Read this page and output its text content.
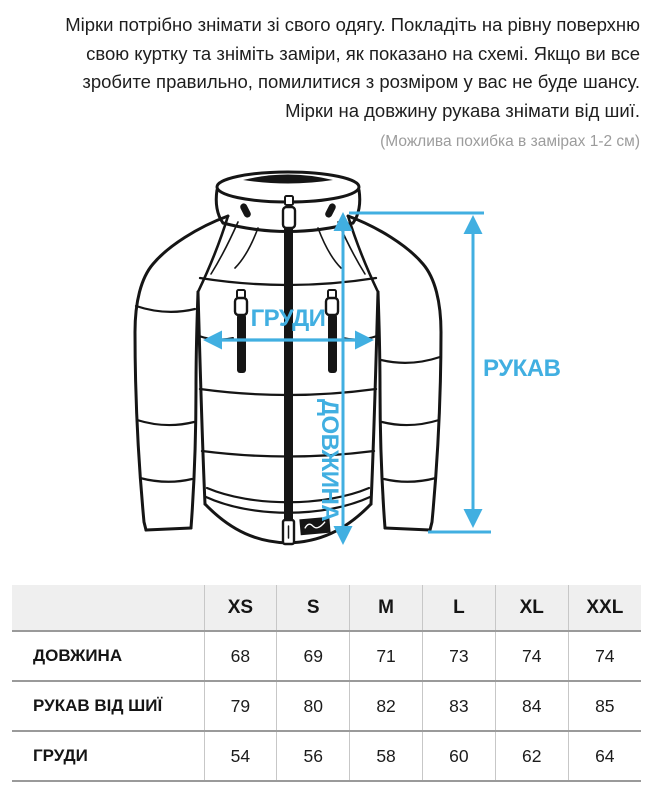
Мірки потрібно знімати зі свого одягу. Покладіть на рівну поверхню
свою куртку та зніміть заміри, як показано на схемі. Якщо ви все
зробите правильно, помилитися з розміром у вас не буде шансу.
Мірки на довжину рукава знімати від шиї.
(Можлива похибка в замірах 1-2 см)
ГРУДИ
ДОВЖИНА
РУКАВ
	XS	S	M	L	XL	XXL
ДОВЖИНА	68	69	71	73	74	74
РУКАВ ВІД ШИЇ	79	80	82	83	84	85
ГРУДИ	54	56	58	60	62	64
